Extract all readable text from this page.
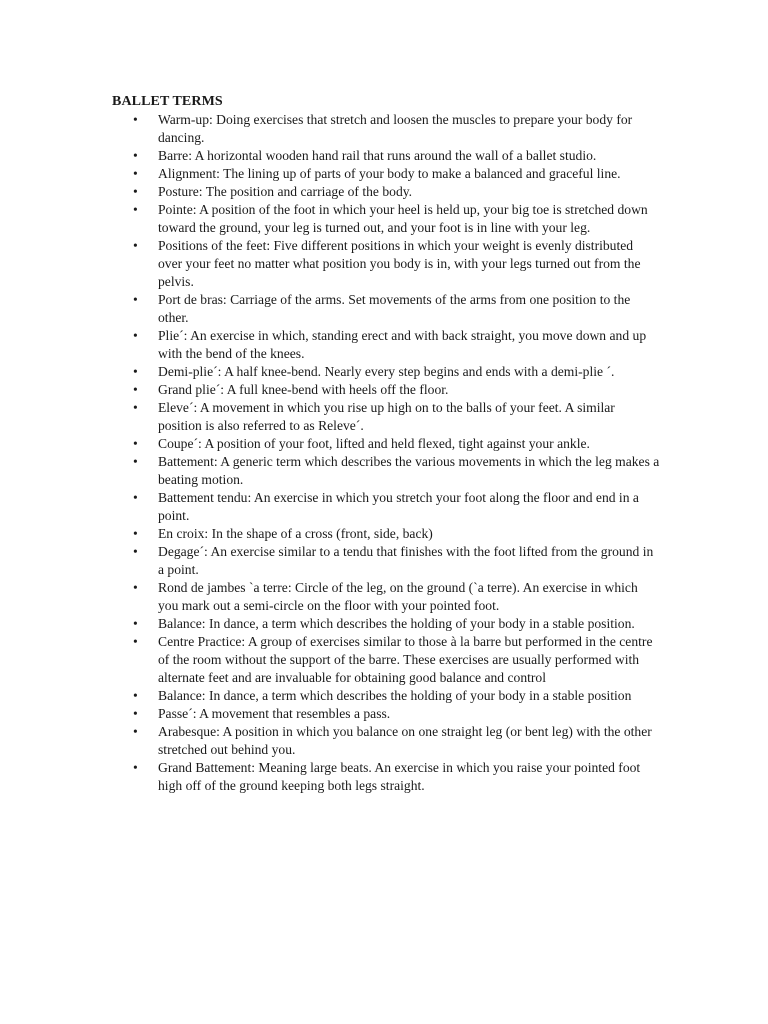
BALLET TERMS
• Warm-up: Doing exercises that stretch and loosen the muscles to prepare your body for dancing.
• Barre: A horizontal wooden hand rail that runs around the wall of a ballet studio.
• Alignment: The lining up of parts of your body to make a balanced and graceful line.
• Posture: The position and carriage of the body.
• Pointe: A position of the foot in which your heel is held up, your big toe is stretched down toward the ground, your leg is turned out, and your foot is in line with your leg.
• Positions of the feet: Five different positions in which your weight is evenly distributed over your feet no matter what position you body is in, with your legs turned out from the pelvis.
• Port de bras: Carriage of the arms. Set movements of the arms from one position to the other.
• Plie´: An exercise in which, standing erect and with back straight, you move down and up with the bend of the knees.
• Demi-plie´: A half knee-bend. Nearly every step begins and ends with a demi-plie ´.
• Grand plie´: A full knee-bend with heels off the floor.
• Eleve´: A movement in which you rise up high on to the balls of your feet. A similar position is also referred to as Releve´.
• Coupe´: A position of your foot, lifted and held flexed, tight against your ankle.
• Battement: A generic term which describes the various movements in which the leg makes a beating motion.
• Battement tendu: An exercise in which you stretch your foot along the floor and end in a point.
• En croix: In the shape of a cross (front, side, back)
• Degage´: An exercise similar to a tendu that finishes with the foot lifted from the ground in a point.
• Rond de jambes `a terre: Circle of the leg, on the ground (`a terre). An exercise in which you mark out a semi-circle on the floor with your pointed foot.
• Balance: In dance, a term which describes the holding of your body in a stable position.
• Centre Practice: A group of exercises similar to those à la barre but performed in the centre of the room without the support of the barre. These exercises are usually performed with alternate feet and are invaluable for obtaining good balance and control
• Balance: In dance, a term which describes the holding of your body in a stable position
• Passe´: A movement that resembles a pass.
• Arabesque: A position in which you balance on one straight leg (or bent leg) with the other stretched out behind you.
• Grand Battement: Meaning large beats. An exercise in which you raise your pointed foot high off of the ground keeping both legs straight.
